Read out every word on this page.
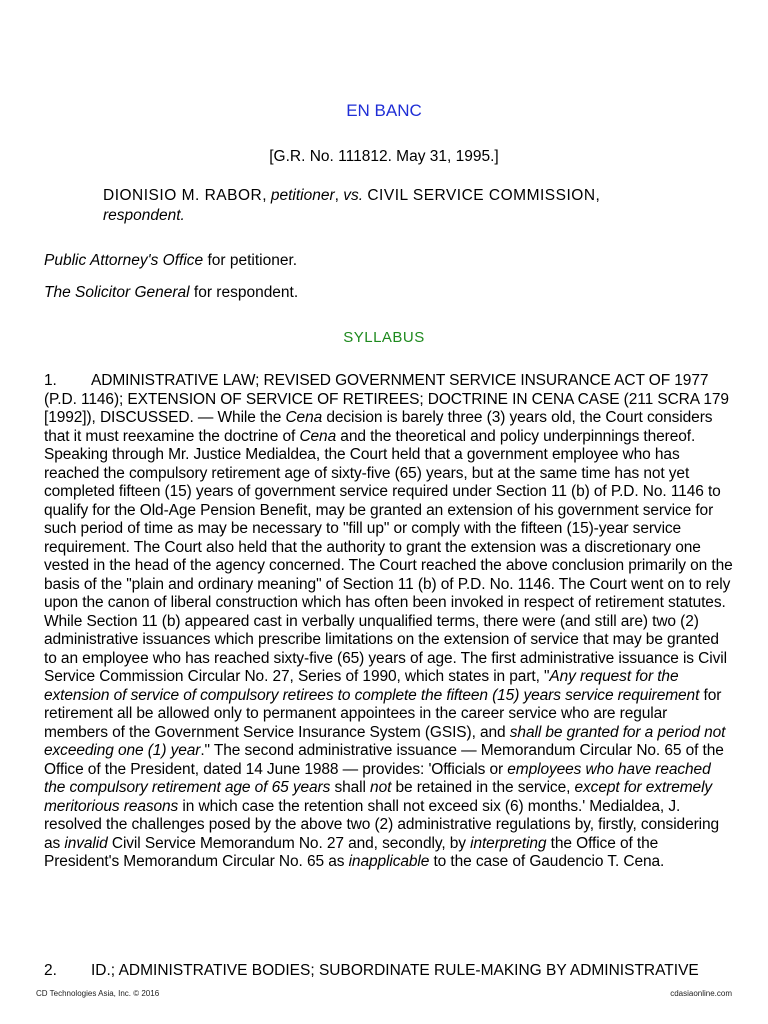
EN BANC
[G.R. No. 111812. May 31, 1995.]
DIONISIO M. RABOR, petitioner, vs. CIVIL SERVICE COMMISSION,
respondent.
Public Attorney's Office for petitioner.
The Solicitor General for respondent.
SYLLABUS
1. ADMINISTRATIVE LAW; REVISED GOVERNMENT SERVICE INSURANCE ACT OF 1977 (P.D. 1146); EXTENSION OF SERVICE OF RETIREES; DOCTRINE IN CENA CASE (211 SCRA 179 [1992]), DISCUSSED. — While the Cena decision is barely three (3) years old, the Court considers that it must reexamine the doctrine of Cena and the theoretical and policy underpinnings thereof. Speaking through Mr. Justice Medialdea, the Court held that a government employee who has reached the compulsory retirement age of sixty-five (65) years, but at the same time has not yet completed fifteen (15) years of government service required under Section 11 (b) of P.D. No. 1146 to qualify for the Old-Age Pension Benefit, may be granted an extension of his government service for such period of time as may be necessary to "fill up" or comply with the fifteen (15)-year service requirement. The Court also held that the authority to grant the extension was a discretionary one vested in the head of the agency concerned. The Court reached the above conclusion primarily on the basis of the "plain and ordinary meaning" of Section 11 (b) of P.D. No. 1146. The Court went on to rely upon the canon of liberal construction which has often been invoked in respect of retirement statutes. While Section 11 (b) appeared cast in verbally unqualified terms, there were (and still are) two (2) administrative issuances which prescribe limitations on the extension of service that may be granted to an employee who has reached sixty-five (65) years of age. The first administrative issuance is Civil Service Commission Circular No. 27, Series of 1990, which states in part, "Any request for the extension of service of compulsory retirees to complete the fifteen (15) years service requirement for retirement all be allowed only to permanent appointees in the career service who are regular members of the Government Service Insurance System (GSIS), and shall be granted for a period not exceeding one (1) year." The second administrative issuance — Memorandum Circular No. 65 of the Office of the President, dated 14 June 1988 — provides: 'Officials or employees who have reached the compulsory retirement age of 65 years shall not be retained in the service, except for extremely meritorious reasons in which case the retention shall not exceed six (6) months.' Medialdea, J. resolved the challenges posed by the above two (2) administrative regulations by, firstly, considering as invalid Civil Service Memorandum No. 27 and, secondly, by interpreting the Office of the President's Memorandum Circular No. 65 as inapplicable to the case of Gaudencio T. Cena.
2. ID.; ADMINISTRATIVE BODIES; SUBORDINATE RULE-MAKING BY ADMINISTRATIVE
CD Technologies Asia, Inc. © 2016	cdasiaonline.com
